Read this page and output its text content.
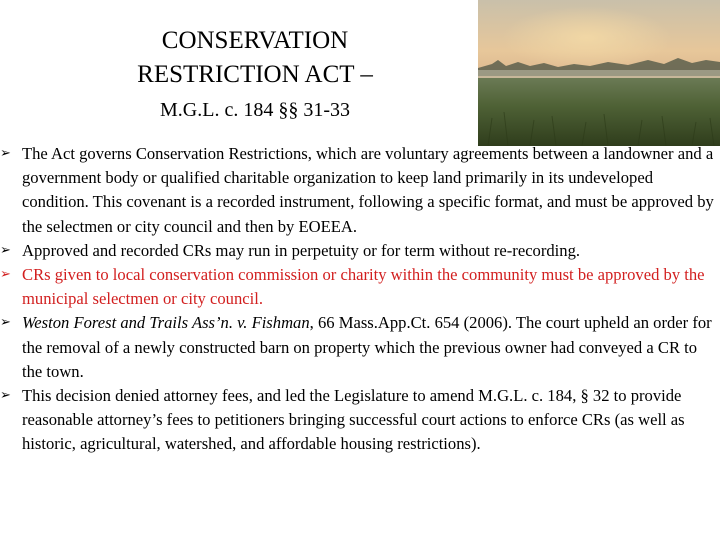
CONSERVATION
RESTRICTION ACT –
M.G.L. c. 184 §§ 31-33
➢ The Act governs Conservation Restrictions, which are voluntary agreements between a landowner and a government body or qualified charitable organization to keep land primarily in its undeveloped condition. This covenant is a recorded instrument, following a specific format, and must be approved by the selectmen or city council and then by EOEEA.
➢ Approved and recorded CRs may run in perpetuity or for term without re-recording.
➢ CRs given to local conservation commission or charity within the community must be approved by the municipal selectmen or city council.
➢ Weston Forest and Trails Ass’n. v. Fishman, 66 Mass.App.Ct. 654 (2006). The court upheld an order for the removal of a newly constructed barn on property which the previous owner had conveyed a CR to the town.
➢ This decision denied attorney fees, and led the Legislature to amend M.G.L. c. 184, § 32 to provide reasonable attorney’s fees to petitioners bringing successful court actions to enforce CRs (as well as historic, agricultural, watershed, and affordable housing restrictions).
